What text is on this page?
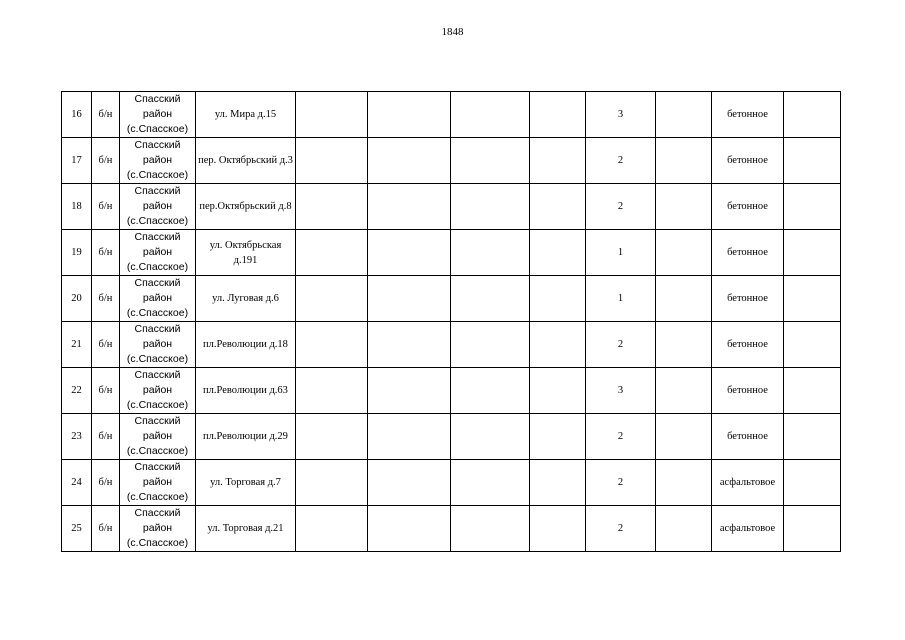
1848
16	б/н	Спасский район (с.Спасское)	ул. Мира д.15					3		бетонное	
17	б/н	Спасский район (с.Спасское)	пер. Октябрьский д.3					2		бетонное	
18	б/н	Спасский район (с.Спасское)	пер.Октябрьский д.8					2		бетонное	
19	б/н	Спасский район (с.Спасское)	ул. Октябрьская д.191					1		бетонное	
20	б/н	Спасский район (с.Спасское)	ул. Луговая д.6					1		бетонное	
21	б/н	Спасский район (с.Спасское)	пл.Революции д.18					2		бетонное	
22	б/н	Спасский район (с.Спасское)	пл.Революции д.63					3		бетонное	
23	б/н	Спасский район (с.Спасское)	пл.Революции д.29					2		бетонное	
24	б/н	Спасский район (с.Спасское)	ул. Торговая д.7					2		асфальтовое	
25	б/н	Спасский район (с.Спасское)	ул. Торговая д.21					2		асфальтовое	
